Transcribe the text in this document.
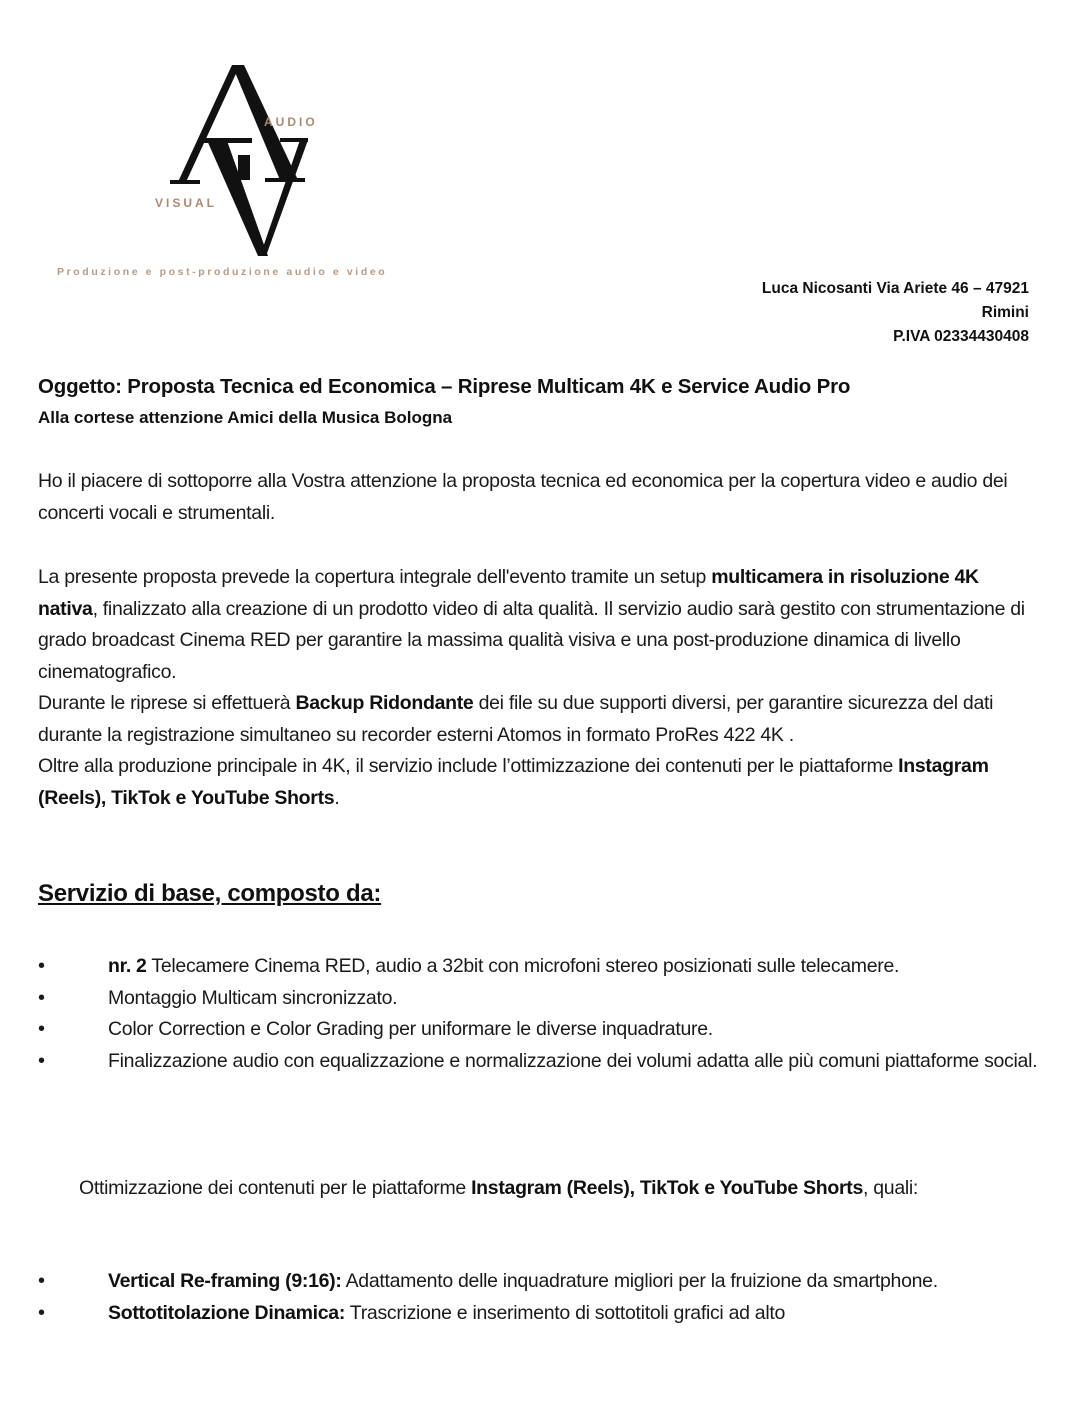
AUDIO
VISUAL
Produzione e post-produzione audio e video
Luca Nicosanti Via Ariete 46 – 47921
Rimini
P.IVA 02334430408
Oggetto: Proposta Tecnica ed Economica – Riprese Multicam 4K e Service Audio Pro
Alla cortese attenzione Amici della Musica Bologna
Ho il piacere di sottoporre alla Vostra attenzione la proposta tecnica ed economica per la copertura video e audio dei concerti vocali e strumentali.
La presente proposta prevede la copertura integrale dell'evento tramite un setup multicamera in risoluzione 4K nativa, finalizzato alla creazione di un prodotto video di alta qualità. Il servizio audio sarà gestito con strumentazione di grado broadcast Cinema RED per garantire la massima qualità visiva e una post-produzione dinamica di livello cinematografico.
Durante le riprese si effettuerà Backup Ridondante dei file su due supporti diversi, per garantire sicurezza del dati durante la registrazione simultaneo su recorder esterni Atomos in formato ProRes 422 4K .
Oltre alla produzione principale in 4K, il servizio include l’ottimizzazione dei contenuti per le piattaforme Instagram (Reels), TikTok e YouTube Shorts.
Servizio di base, composto da:
•	nr. 2 Telecamere Cinema RED, audio a 32bit con microfoni stereo posizionati sulle telecamere.
•	Montaggio Multicam sincronizzato.
•	Color Correction e Color Grading per uniformare le diverse inquadrature.
•	Finalizzazione audio con equalizzazione e normalizzazione dei volumi adatta alle più comuni piattaforme social.
Ottimizzazione dei contenuti per le piattaforme Instagram (Reels), TikTok e YouTube Shorts, quali:
•	Vertical Re-framing (9:16): Adattamento delle inquadrature migliori per la fruizione da smartphone.
•	Sottotitolazione Dinamica: Trascrizione e inserimento di sottotitoli grafici ad alto
